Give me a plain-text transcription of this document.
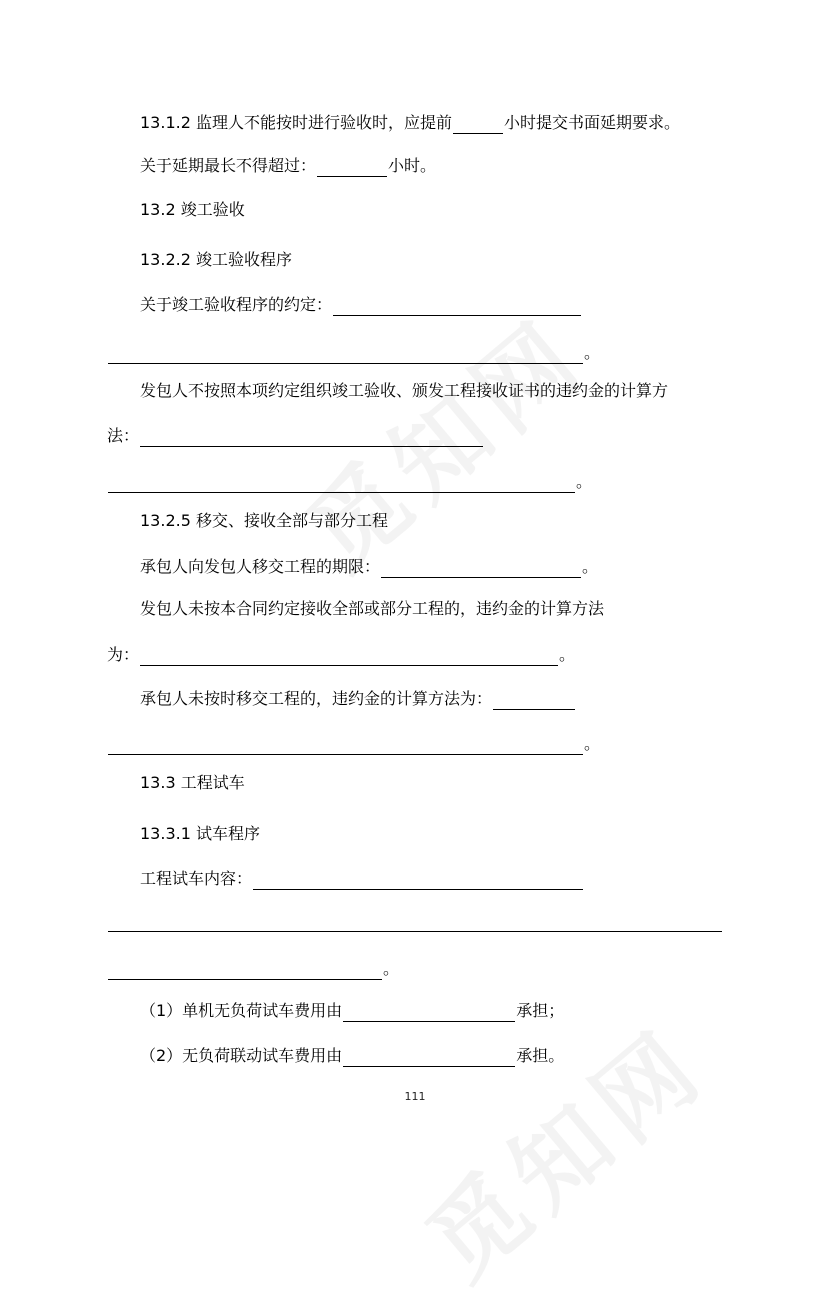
13.1.2 监理人不能按时进行验收时，应提前	小时提交书面延期要求。
关于延期最长不得超过：	小时。
13.2 竣工验收
13.2.2 竣工验收程序
关于竣工验收程序的约定：
。
发包人不按照本项约定组织竣工验收、颁发工程接收证书的违约金的计算方
法：
。
13.2.5 移交、接收全部与部分工程
承包人向发包人移交工程的期限：	。
发包人未按本合同约定接收全部或部分工程的，违约金的计算方法
为：	。
承包人未按时移交工程的，违约金的计算方法为：
。
13.3 工程试车
13.3.1 试车程序
工程试车内容：
。
（1）单机无负荷试车费用由	承担；
（2）无负荷联动试车费用由	承担。
111
